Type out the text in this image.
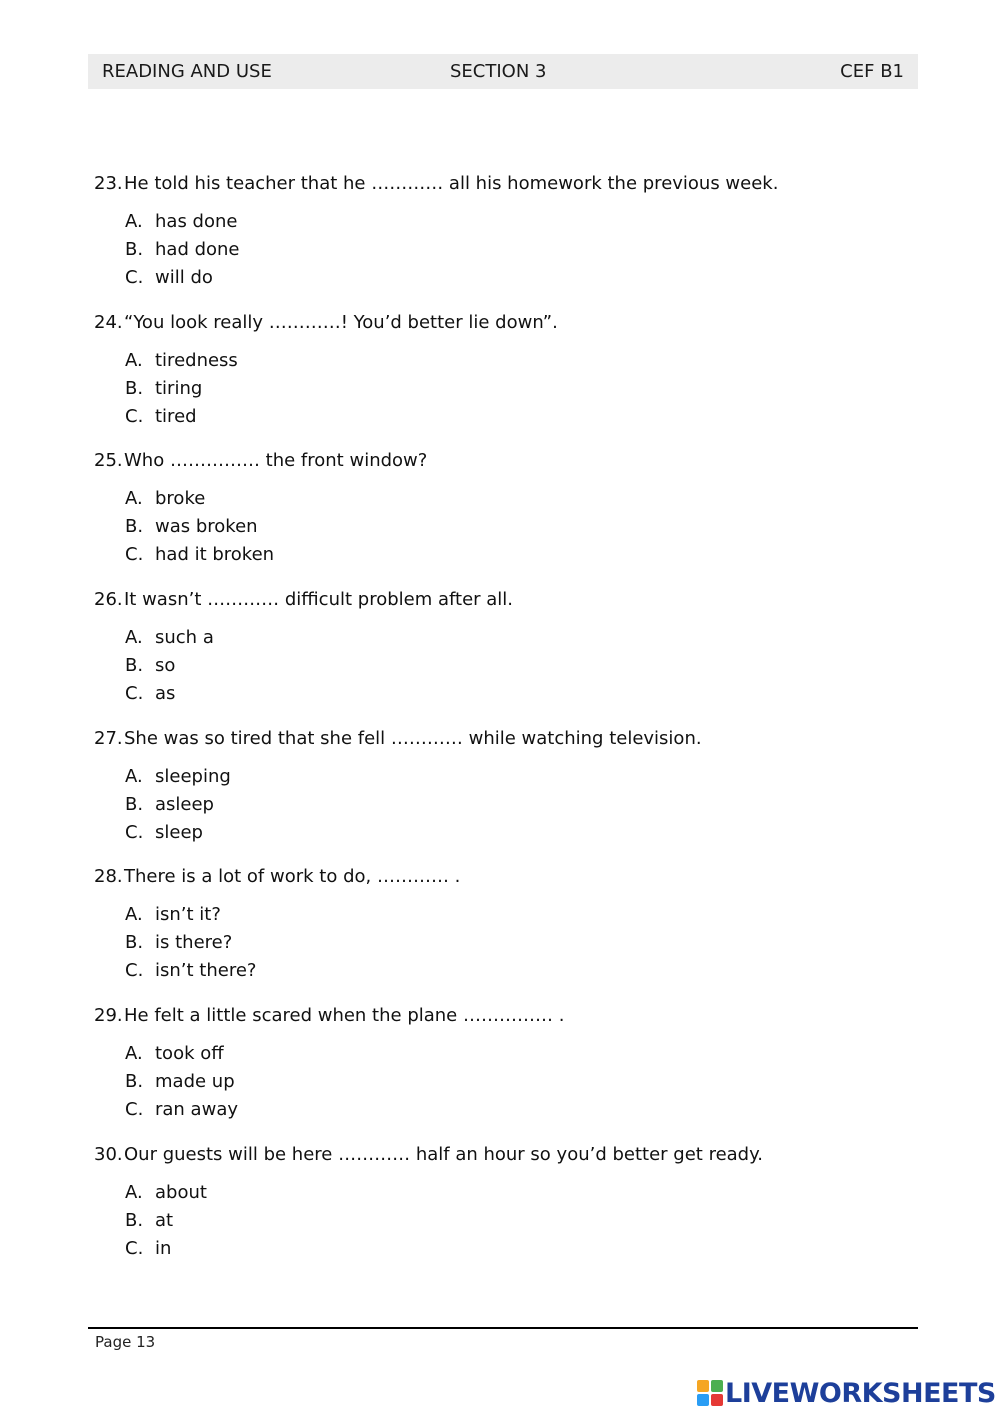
READING AND USE	SECTION 3	CEF B1
23.He told his teacher that he ………… all his homework the previous week.
A. has done
B. had done
C. will do
24.“You look really …………! You’d better lie down”.
A. tiredness
B. tiring
C. tired
25.Who …………… the front window?
A. broke
B. was broken
C. had it broken
26.It wasn’t ………… difficult problem after all.
A. such a
B. so
C. as
27.She was so tired that she fell ………… while watching television.
A. sleeping
B. asleep
C. sleep
28.There is a lot of work to do, ………… .
A. isn’t it?
B. is there?
C. isn’t there?
29.He felt a little scared when the plane …………… .
A. took off
B. made up
C. ran away
30.Our guests will be here ………… half an hour so you’d better get ready.
A. about
B. at
C. in
Page 13
LIVEWORKSHEETS
